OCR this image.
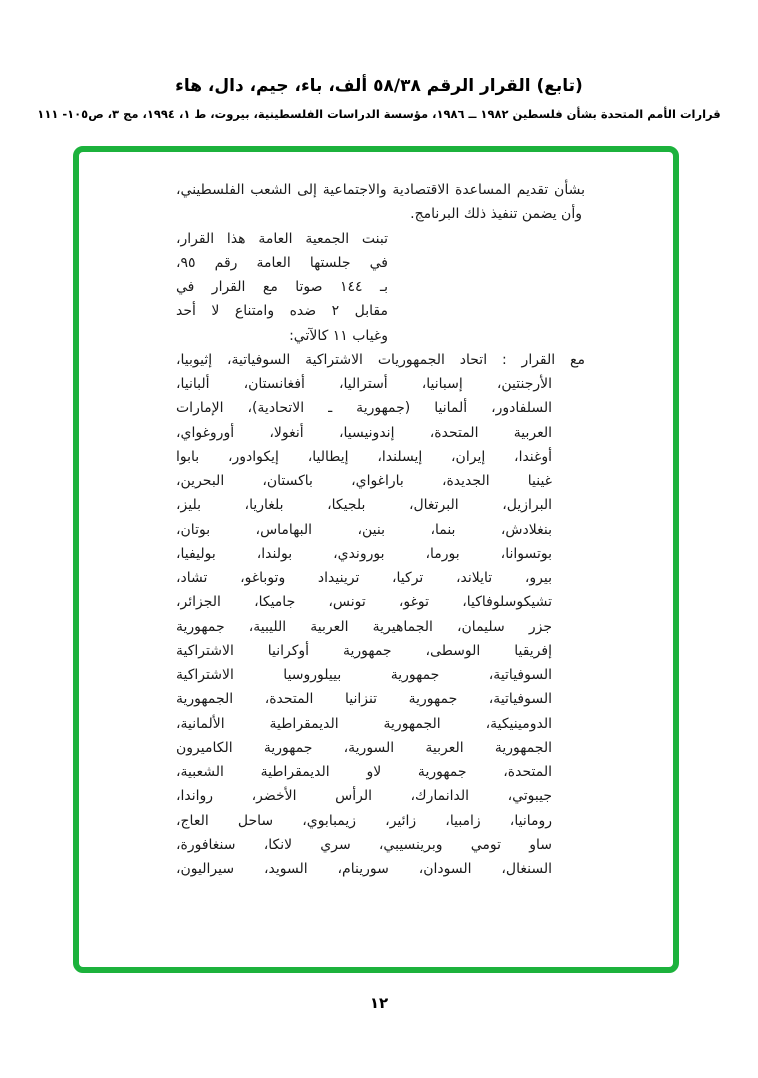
(تابع) القرار الرقم ٥٨/٣٨ ألف، باء، جيم، دال، هاء
قرارات الأمم المتحدة بشأن فلسطين ١٩٨٢ ــ ١٩٨٦، مؤسسة الدراسات الفلسطينية، بيروت، ط ١، ١٩٩٤، مج ٣، ص١٠٥- ١١١
بشأن تقديم المساعدة الاقتصادية والاجتماعية إلى الشعب الفلسطيني،
وأن يضمن تنفيذ ذلك البرنامج.
تبنت الجمعية العامة هذا القرار،
في جلستها العامة رقم ٩٥،
بـ ١٤٤ صوتا مع القرار في
مقابل ٢ ضده وامتناع لا أحد
وغياب ١١ كالآتي:
مع القرار : اتحاد الجمهوريات الاشتراكية السوفياتية، إثيوبيا،
الأرجنتين، إسبانيا، أستراليا، أفغانستان، ألبانيا،
السلفادور، ألمانيا (جمهورية ـ الاتحادية)، الإمارات
العربية المتحدة، إندونيسيا، أنغولا، أوروغواي،
أوغندا، إيران، إيسلندا، إيطاليا، إيكوادور، بابوا
غينيا الجديدة، باراغواي، باكستان، البحرين،
البرازيل، البرتغال، بلجيكا، بلغاريا، بليز،
بنغلادش، بنما، بنين، البهاماس، بوتان،
بوتسوانا، بورما، بوروندي، بولندا، بوليفيا،
بيرو، تايلاند، تركيا، ترينيداد وتوباغو، تشاد،
تشيكوسلوفاكيا، توغو، تونس، جاميكا، الجزائر،
جزر سليمان، الجماهيرية العربية الليبية، جمهورية
إفريقيا الوسطى، جمهورية أوكرانيا الاشتراكية
السوفياتية، جمهورية بييلوروسيا الاشتراكية
السوفياتية، جمهورية تنزانيا المتحدة، الجمهورية
الدومينيكية، الجمهورية الديمقراطية الألمانية،
الجمهورية العربية السورية، جمهورية الكاميرون
المتحدة، جمهورية لاو الديمقراطية الشعبية،
جيبوتي، الدانمارك، الرأس الأخضر، رواندا،
رومانيا، زامبيا، زائير، زيمبابوي، ساحل العاج،
ساو تومي وبرينسيبي، سري لانكا، سنغافورة،
السنغال، السودان، سورينام، السويد، سيراليون،
١٢
